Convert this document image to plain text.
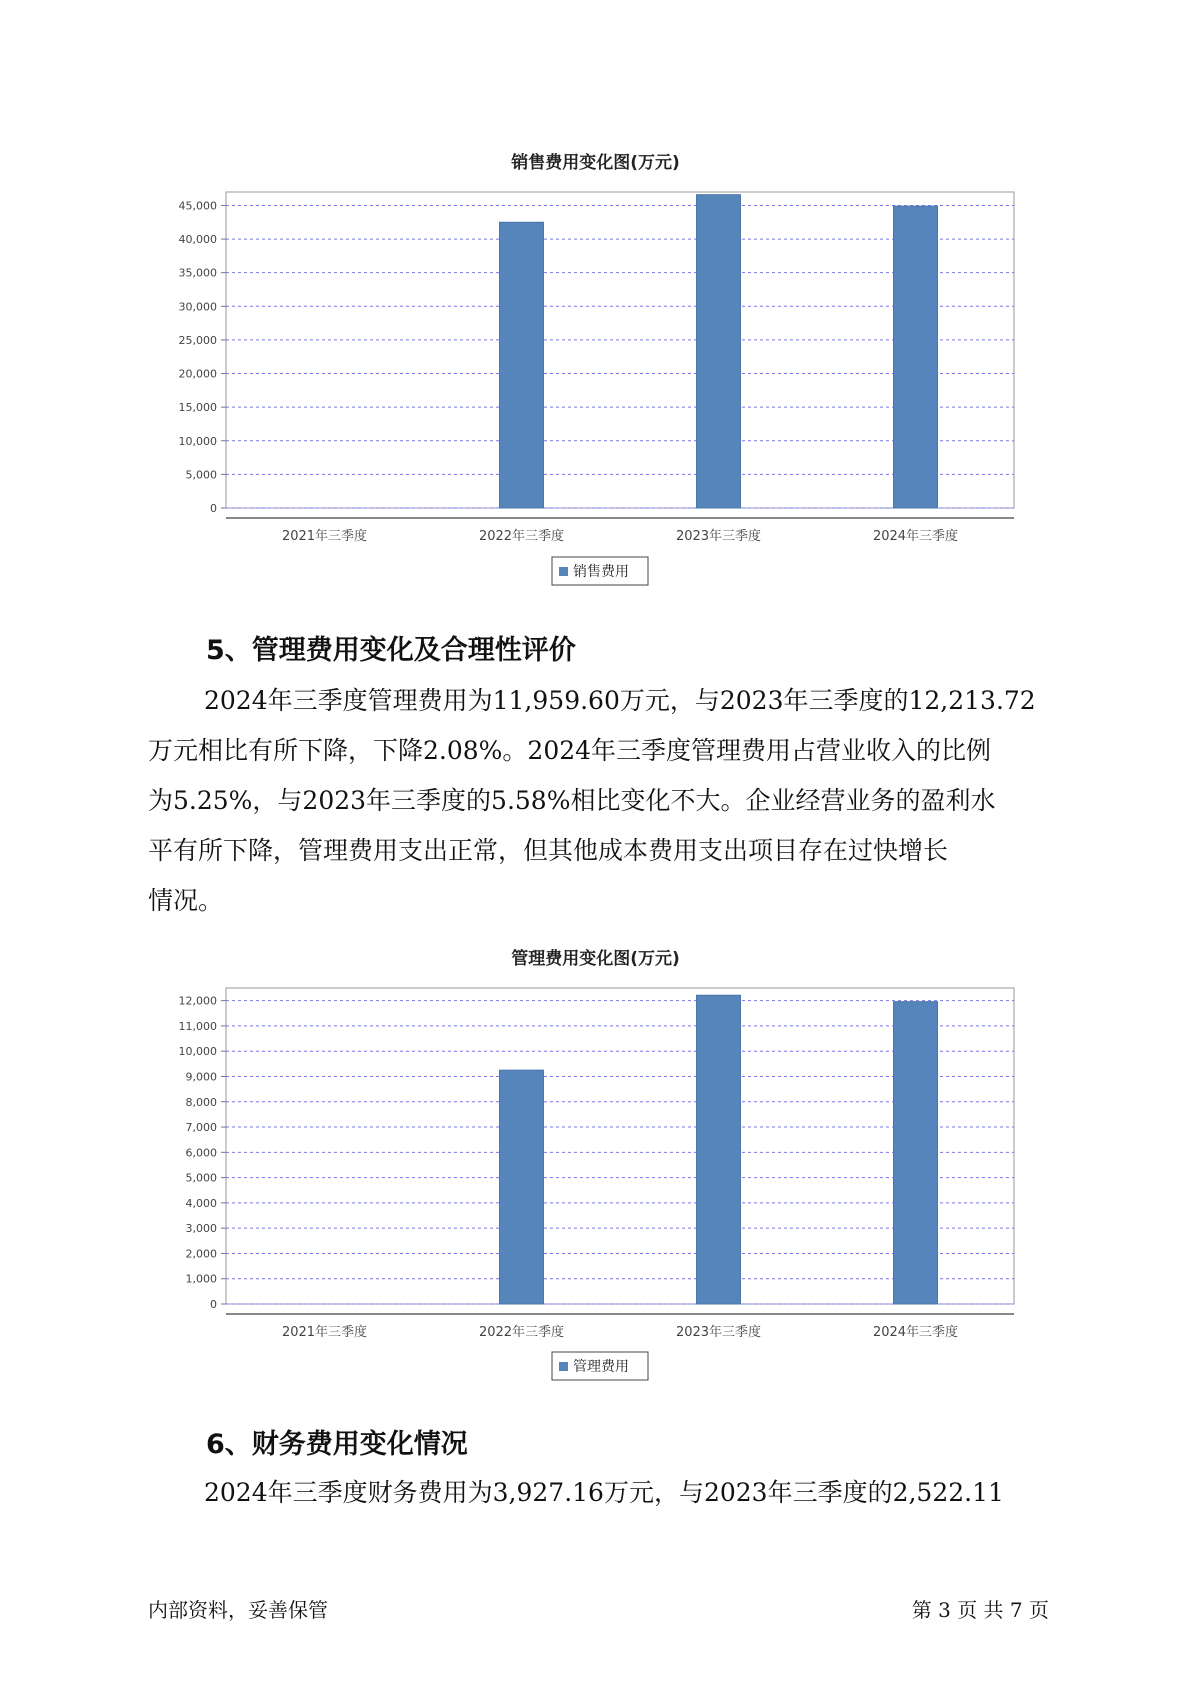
销售费用变化图(万元)
0
5,000
10,000
15,000
20,000
25,000
30,000
35,000
40,000
45,000
2021年三季度	2022年三季度	2023年三季度	2024年三季度
销售费用
5、管理费用变化及合理性评价
2024年三季度管理费用为11,959.60万元，与2023年三季度的12,213.72
万元相比有所下降，下降2.08%。2024年三季度管理费用占营业收入的比例
为5.25%，与2023年三季度的5.58%相比变化不大。企业经营业务的盈利水
平有所下降，管理费用支出正常，但其他成本费用支出项目存在过快增长
情况。
管理费用变化图(万元)
0
1,000
2,000
3,000
4,000
5,000
6,000
7,000
8,000
9,000
10,000
11,000
12,000
2021年三季度	2022年三季度	2023年三季度	2024年三季度
管理费用
6、财务费用变化情况
2024年三季度财务费用为3,927.16万元，与2023年三季度的2,522.11
内部资料，妥善保管	第 3 页 共 7 页
